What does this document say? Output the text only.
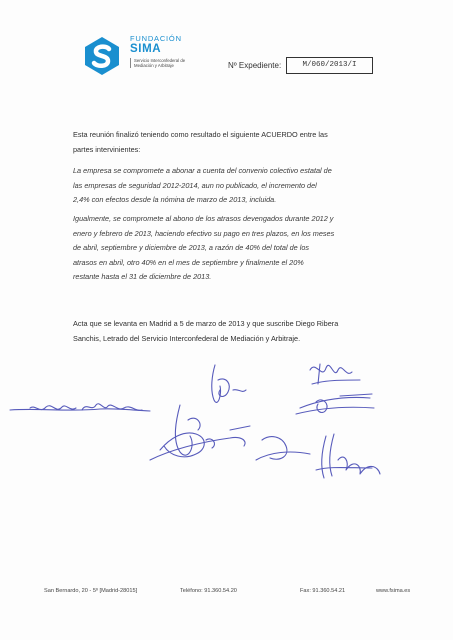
FUNDACIÓN
SIMA
Servicio Interconfederal de Mediación y Arbitraje	Nº Expediente:	M/060/2013/I
Esta reunión finalizó teniendo como resultado el siguiente ACUERDO entre las
partes intervinientes:
La empresa se compromete a abonar a cuenta del convenio colectivo estatal de
las empresas de seguridad 2012-2014, aun no publicado, el incremento del
2,4% con efectos desde la nómina de marzo de 2013, incluida.
Igualmente, se compromete al abono de los atrasos devengados durante 2012 y
enero y febrero de 2013, haciendo efectivo su pago en tres plazos, en los meses
de abril, septiembre y diciembre de 2013, a razón de 40% del total de los
atrasos en abril, otro 40% en el mes de septiembre y finalmente el 20%
restante hasta el 31 de diciembre de 2013.
Acta que se levanta en Madrid a 5 de marzo de 2013 y que suscribe Diego Ribera
Sanchis, Letrado del Servicio Interconfederal de Mediación y Arbitraje.
San Bernardo, 20 - 5º [Madrid-28015]	Teléfono: 91.360.54.20	Fax: 91.360.54.21	www.fsima.es
